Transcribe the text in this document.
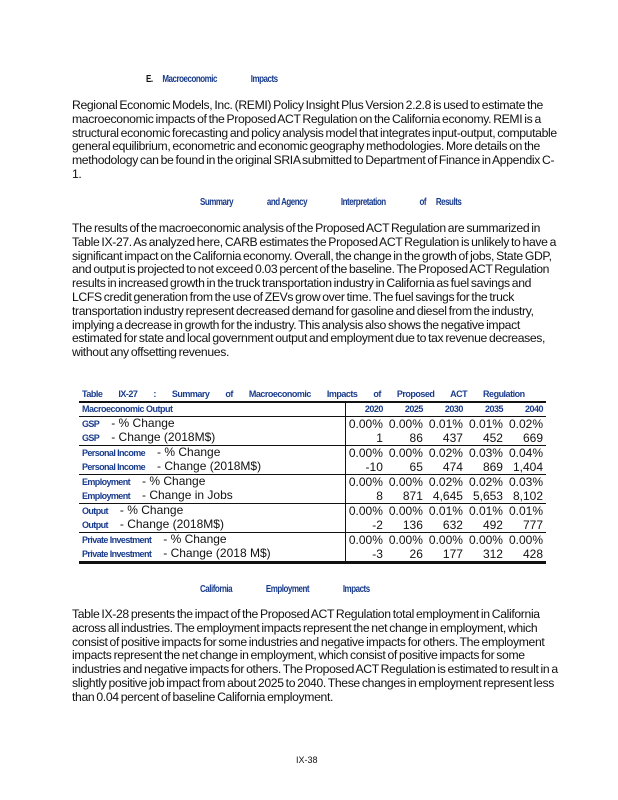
E. Macroeconomic	Impacts
Regional Economic Models, Inc. (REMI) Policy Insight Plus Version 2.2.8 is used to estimate the macroeconomic impacts of the Proposed ACT Regulation on the California economy. REMI is a structural economic forecasting and policy analysis model that integrates input-output, computable general equilibrium, econometric and economic geography methodologies. More details on the methodology can be found in the original SRIA submitted to Department of Finance in Appendix C-1.
Summary	and Agency	Interpretation	of Results
The results of the macroeconomic analysis of the Proposed ACT Regulation are summarized in Table IX-27. As analyzed here, CARB estimates the Proposed ACT Regulation is unlikely to have a significant impact on the California economy. Overall, the change in the growth of jobs, State GDP, and output is projected to not exceed 0.03 percent of the baseline. The Proposed ACT Regulation results in increased growth in the truck transportation industry in California as fuel savings and LCFS credit generation from the use of ZEVs grow over time. The fuel savings for the truck transportation industry represent decreased demand for gasoline and diesel from the industry, implying a decrease in growth for the industry. This analysis also shows the negative impact estimated for state and local government output and employment due to tax revenue decreases, without any offsetting revenues.
Table IX-27 : Summary of Macroeconomic Impacts of Proposed ACT Regulation
Macroeconomic Output	2020	2025	2030	2035	2040
GSP - % Change	0.00%	0.00%	0.01%	0.01%	0.02%
GSP - Change (2018M$)	1	86	437	452	669
Personal Income - % Change	0.00%	0.00%	0.02%	0.03%	0.04%
Personal Income - Change (2018M$)	-10	65	474	869	1,404
Employment - % Change	0.00%	0.00%	0.02%	0.02%	0.03%
Employment - Change in Jobs	8	871	4,645	5,653	8,102
Output - % Change	0.00%	0.00%	0.01%	0.01%	0.01%
Output - Change (2018M$)	-2	136	632	492	777
Private Investment - % Change	0.00%	0.00%	0.00%	0.00%	0.00%
Private Investment - Change (2018 M$)	-3	26	177	312	428
California	Employment	Impacts
Table IX-28 presents the impact of the Proposed ACT Regulation total employment in California across all industries. The employment impacts represent the net change in employment, which consist of positive impacts for some industries and negative impacts for others. The employment impacts represent the net change in employment, which consist of positive impacts for some industries and negative impacts for others. The Proposed ACT Regulation is estimated to result in a slightly positive job impact from about 2025 to 2040. These changes in employment represent less than 0.04 percent of baseline California employment.
IX-38
